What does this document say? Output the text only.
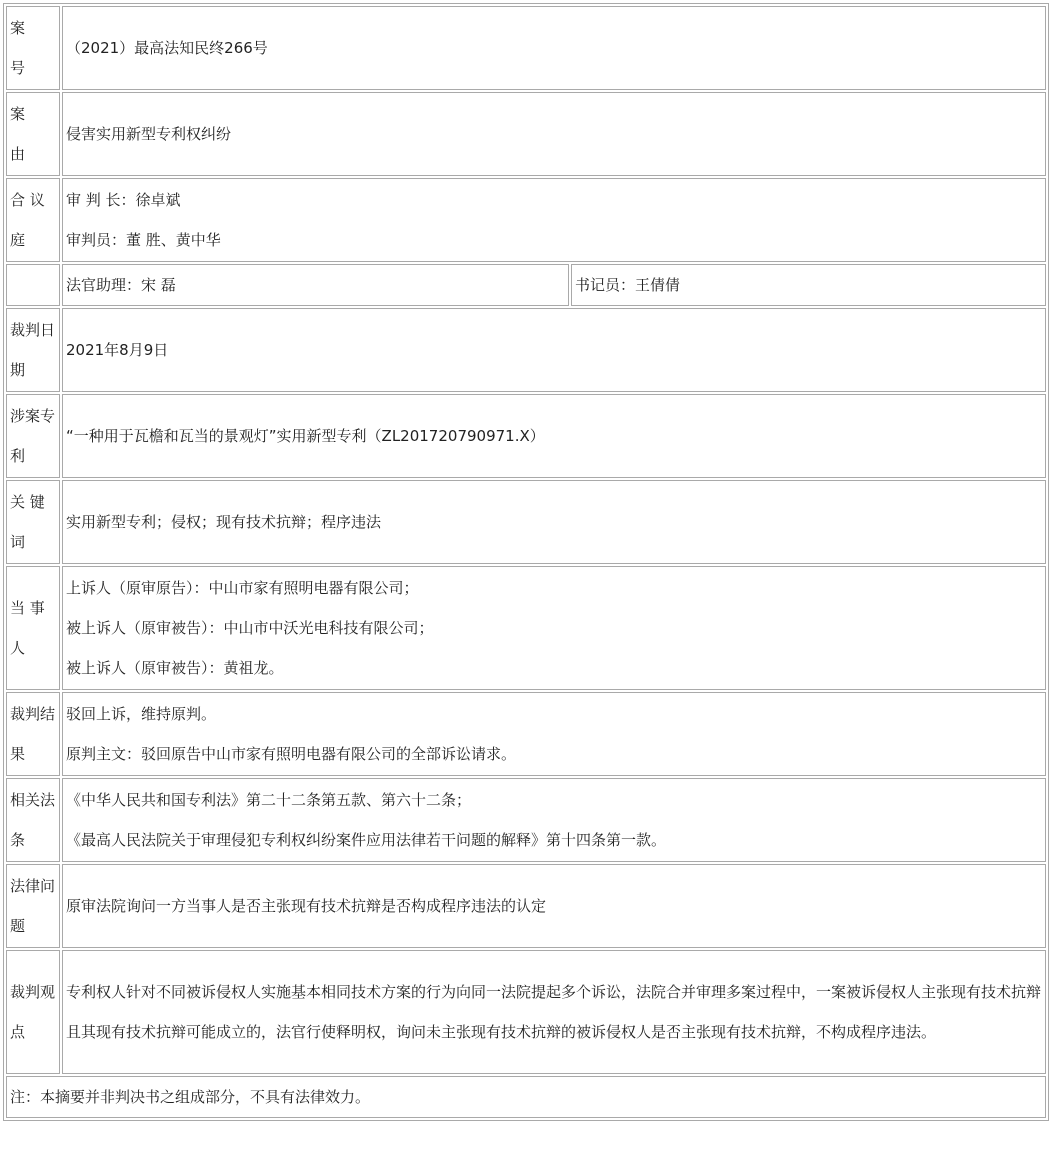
案
号	（2021）最高法知民终266号	

案
由	侵害实用新型专利权纠纷	
合 议 庭	审 判 长：徐卓斌

审判员：董 胜、黄中华	

	法官助理：宋 磊	书记员：王倩倩
裁判日期	2021年8月9日	
涉案专利	“一种用于瓦檐和瓦当的景观灯”实用新型专利（ZL201720790971.X）	
关 键 词	实用新型专利；侵权；现有技术抗辩；程序违法	
当 事 人	上诉人（原审原告）：中山市家有照明电器有限公司；

被上诉人（原审被告）：中山市中沃光电科技有限公司；

被上诉人（原审被告）：黄祖龙。	

裁判结果	驳回上诉，维持原判。

原判主文：驳回原告中山市家有照明电器有限公司的全部诉讼请求。	

相关法条	《中华人民共和国专利法》第二十二条第五款、第六十二条；

《最高人民法院关于审理侵犯专利权纠纷案件应用法律若干问题的解释》第十四条第一款。	

法律问题	原审法院询问一方当事人是否主张现有技术抗辩是否构成程序违法的认定	
裁判观点	专利权人针对不同被诉侵权人实施基本相同技术方案的行为向同一法院提起多个诉讼，法院合并审理多案过程中，一案被诉侵权人主张现有技术抗辩且其现有技术抗辩可能成立的，法官行使释明权，询问未主张现有技术抗辩的被诉侵权人是否主张现有技术抗辩，不构成程序违法。	
注：本摘要并非判决书之组成部分，不具有法律效力。		
